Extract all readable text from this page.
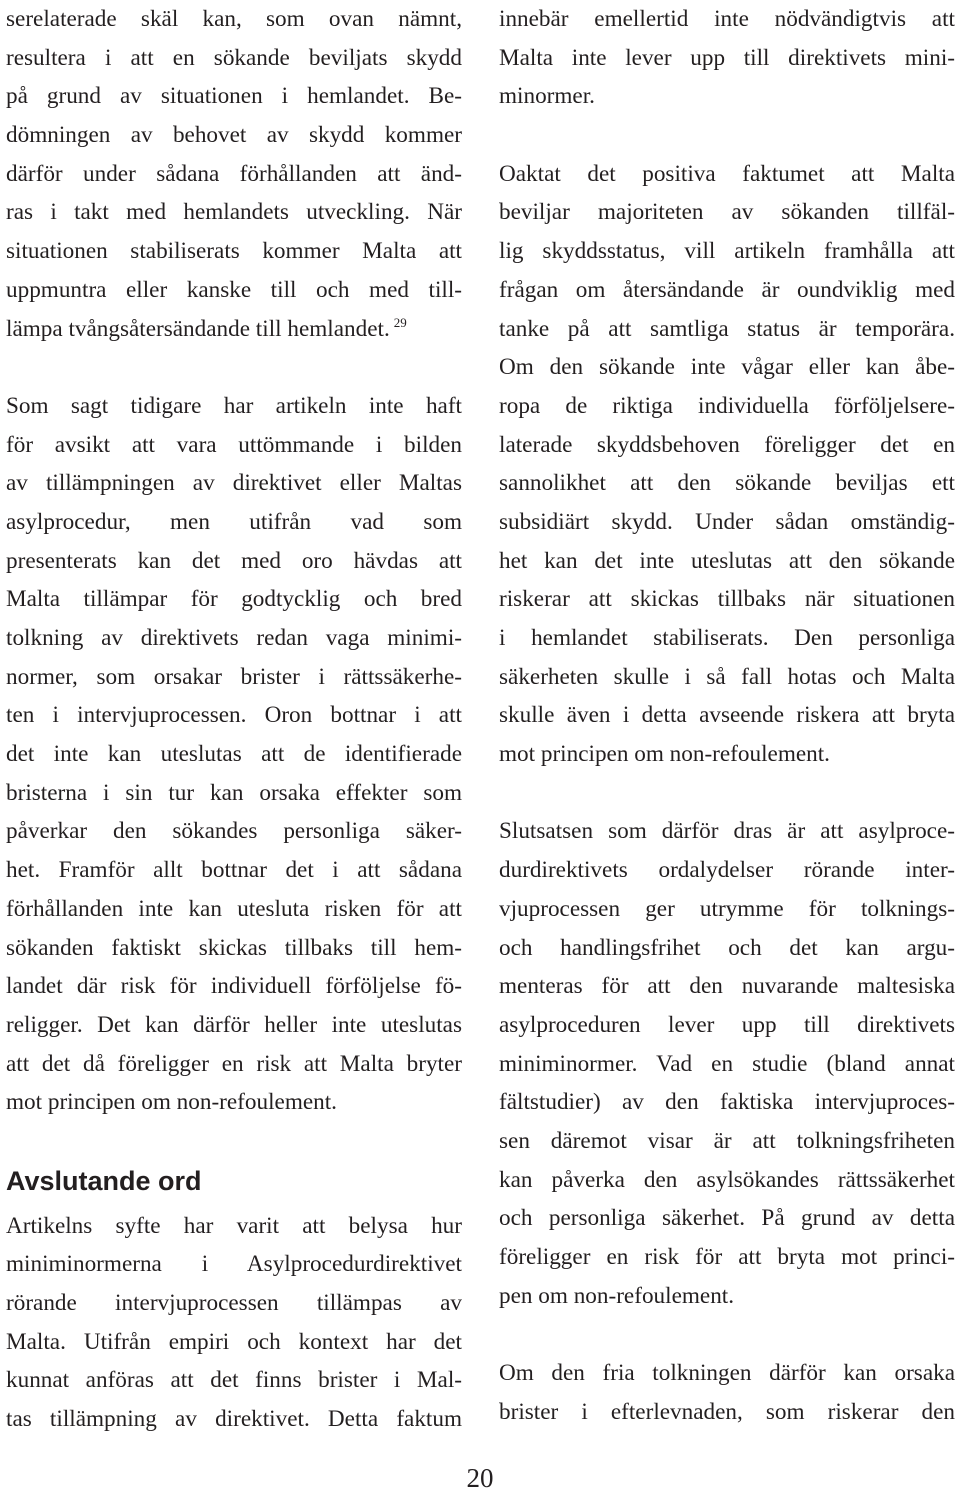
serelaterade skäl kan, som ovan nämnt,
resultera i att en sökande beviljats skydd
på grund av situationen i hemlandet. Be-
dömningen av behovet av skydd kommer
därför under sådana förhållanden att änd-
ras i takt med hemlandets utveckling. När
situationen stabiliserats kommer Malta att
uppmuntra eller kanske till och med till-
lämpa tvångsåtersändande till hemlandet. $^{29}$
Som sagt tidigare har artikeln inte haft
för avsikt att vara uttömmande i bilden
av tillämpningen av direktivet eller Maltas
asylprocedur, men utifrån vad som
presenterats kan det med oro hävdas att
Malta tillämpar för godtycklig och bred
tolkning av direktivets redan vaga minimi-
normer, som orsakar brister i rättssäkerhe-
ten i intervjuprocessen. Oron bottnar i att
det inte kan uteslutas att de identifierade
bristerna i sin tur kan orsaka effekter som
påverkar den sökandes personliga säker-
het. Framför allt bottnar det i att sådana
förhållanden inte kan utesluta risken för att
sökanden faktiskt skickas tillbaks till hem-
landet där risk för individuell förföljelse fö-
religger. Det kan därför heller inte uteslutas
att det då föreligger en risk att Malta bryter
mot principen om non-refoulement.
Avslutande ord
Artikelns syfte har varit att belysa hur
miniminormerna i Asylprocedurdirektivet
rörande intervjuprocessen tillämpas av
Malta. Utifrån empiri och kontext har det
kunnat anföras att det finns brister i Mal-
tas tillämpning av direktivet. Detta faktum
innebär emellertid inte nödvändigtvis att
Malta inte lever upp till direktivets mini-
minormer.
Oaktat det positiva faktumet att Malta
beviljar majoriteten av sökanden tillfäl-
lig skyddsstatus, vill artikeln framhålla att
frågan om återsändande är oundviklig med
tanke på att samtliga status är temporära.
Om den sökande inte vågar eller kan åbe-
ropa de riktiga individuella förföljelsere-
laterade skyddsbehoven föreligger det en
sannolikhet att den sökande beviljas ett
subsidiärt skydd. Under sådan omständig-
het kan det inte uteslutas att den sökande
riskerar att skickas tillbaks när situationen
i hemlandet stabiliserats. Den personliga
säkerheten skulle i så fall hotas och Malta
skulle även i detta avseende riskera att bryta
mot principen om non-refoulement.
Slutsatsen som därför dras är att asylproce-
durdirektivets ordalydelser rörande inter-
vjuprocessen ger utrymme för tolknings-
och handlingsfrihet och det kan argu-
menteras för att den nuvarande maltesiska
asylproceduren lever upp till direktivets
miniminormer. Vad en studie (bland annat
fältstudier) av den faktiska intervjuproces-
sen däremot visar är att tolkningsfriheten
kan påverka den asylsökandes rättssäkerhet
och personliga säkerhet. På grund av detta
föreligger en risk för att bryta mot princi-
pen om non-refoulement.
Om den fria tolkningen därför kan orsaka
brister i efterlevnaden, som riskerar den
20
